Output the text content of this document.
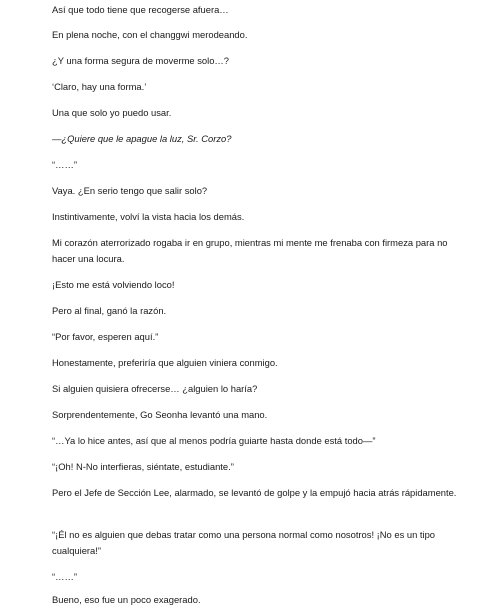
Así que todo tiene que recogerse afuera…

En plena noche, con el changgwi merodeando.

¿Y una forma segura de moverme solo…?

‘Claro, hay una forma.’

Una que solo yo puedo usar.

—¿Quiere que le apague la luz, Sr. Corzo?

“……”

Vaya. ¿En serio tengo que salir solo?

Instintivamente, volví la vista hacia los demás.

Mi corazón aterrorizado rogaba ir en grupo, mientras mi mente me frenaba con firmeza para no hacer una locura.

¡Esto me está volviendo loco!

Pero al final, ganó la razón.

“Por favor, esperen aquí.”

Honestamente, preferiría que alguien viniera conmigo.

Si alguien quisiera ofrecerse… ¿alguien lo haría?

Sorprendentemente, Go Seonha levantó una mano.

“…Ya lo hice antes, así que al menos podría guiarte hasta donde está todo—”

“¡Oh! N-No interfieras, siéntate, estudiante.”

Pero el Jefe de Sección Lee, alarmado, se levantó de golpe y la empujó hacia atrás rápidamente.

“¡Él no es alguien que debas tratar como una persona normal como nosotros! ¡No es un tipo cualquiera!”

“……”

Bueno, eso fue un poco exagerado.
